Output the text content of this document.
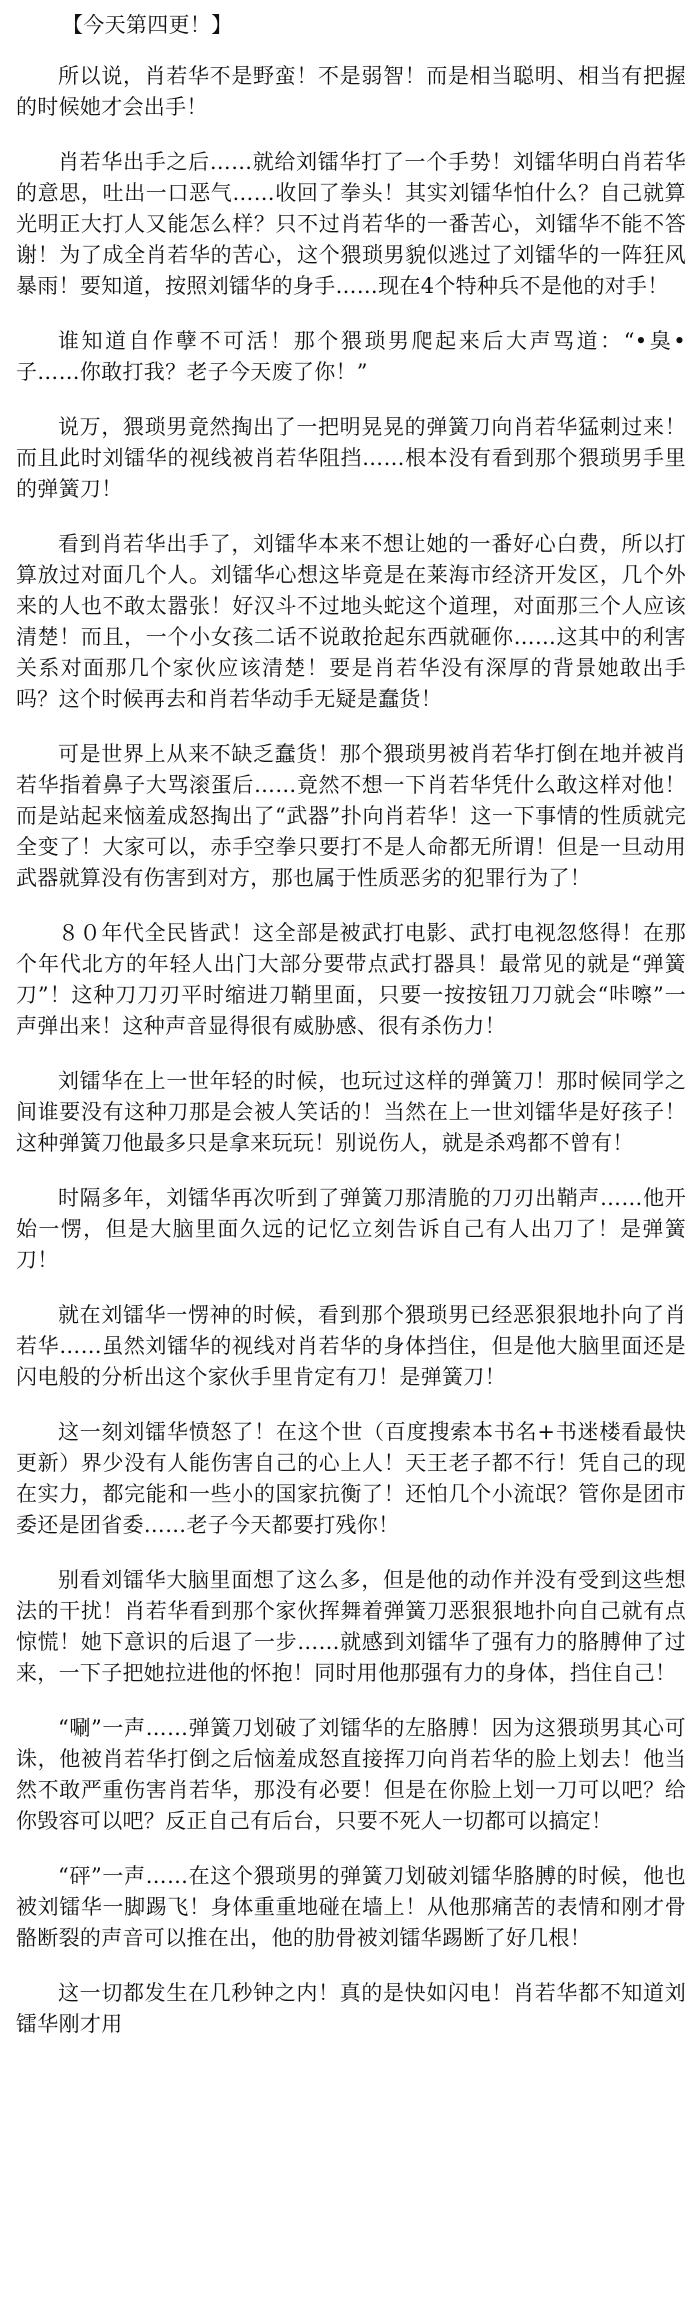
【今天第四更！】
所以说，肖若华不是野蛮！不是弱智！而是相当聪明、相当有把握的时候她才会出手！
肖若华出手之后……就给刘镭华打了一个手势！刘镭华明白肖若华的意思，吐出一口恶气……收回了拳头！其实刘镭华怕什么？自己就算光明正大打人又能怎么样？只不过肖若华的一番苦心，刘镭华不能不答谢！为了成全肖若华的苦心，这个猥琐男貌似逃过了刘镭华的一阵狂风暴雨！要知道，按照刘镭华的身手……现在4个特种兵不是他的对手！
谁知道自作孽不可活！那个猥琐男爬起来后大声骂道：“•臭•子……你敢打我？老子今天废了你！”
说万，猥琐男竟然掏出了一把明晃晃的弹簧刀向肖若华猛刺过来！而且此时刘镭华的视线被肖若华阻挡……根本没有看到那个猥琐男手里的弹簧刀！
看到肖若华出手了，刘镭华本来不想让她的一番好心白费，所以打算放过对面几个人。刘镭华心想这毕竟是在莱海市经济开发区，几个外来的人也不敢太嚣张！好汉斗不过地头蛇这个道理，对面那三个人应该清楚！而且，一个小女孩二话不说敢抢起东西就砸你……这其中的利害关系对面那几个家伙应该清楚！要是肖若华没有深厚的背景她敢出手吗？这个时候再去和肖若华动手无疑是蠢货！
可是世界上从来不缺乏蠢货！那个猥琐男被肖若华打倒在地并被肖若华指着鼻子大骂滚蛋后……竟然不想一下肖若华凭什么敢这样对他！而是站起来恼羞成怒掏出了“武器”扑向肖若华！这一下事情的性质就完全变了！大家可以，赤手空拳只要打不是人命都无所谓！但是一旦动用武器就算没有伤害到对方，那也属于性质恶劣的犯罪行为了！
８０年代全民皆武！这全部是被武打电影、武打电视忽悠得！在那个年代北方的年轻人出门大部分要带点武打器具！最常见的就是“弹簧刀”！这种刀刀刃平时缩进刀鞘里面，只要一按按钮刀刀就会“咔嚓”一声弹出来！这种声音显得很有威胁感、很有杀伤力！
刘镭华在上一世年轻的时候，也玩过这样的弹簧刀！那时候同学之间谁要没有这种刀那是会被人笑话的！当然在上一世刘镭华是好孩子！这种弹簧刀他最多只是拿来玩玩！别说伤人，就是杀鸡都不曾有！
时隔多年，刘镭华再次听到了弹簧刀那清脆的刀刃出鞘声……他开始一愣，但是大脑里面久远的记忆立刻告诉自己有人出刀了！是弹簧刀！
就在刘镭华一愣神的时候，看到那个猥琐男已经恶狠狠地扑向了肖若华……虽然刘镭华的视线对肖若华的身体挡住，但是他大脑里面还是闪电般的分析出这个家伙手里肯定有刀！是弹簧刀！
这一刻刘镭华愤怒了！在这个世（百度搜索本书名+书迷楼看最快更新）界少没有人能伤害自己的心上人！天王老子都不行！凭自己的现在实力，都完能和一些小的国家抗衡了！还怕几个小流氓？管你是团市委还是团省委……老子今天都要打残你！
别看刘镭华大脑里面想了这么多，但是他的动作并没有受到这些想法的干扰！肖若华看到那个家伙挥舞着弹簧刀恶狠狠地扑向自己就有点惊慌！她下意识的后退了一步……就感到刘镭华了强有力的胳膊伸了过来，一下子把她拉进他的怀抱！同时用他那强有力的身体，挡住自己！
“唰”一声……弹簧刀划破了刘镭华的左胳膊！因为这猥琐男其心可诛，他被肖若华打倒之后恼羞成怒直接挥刀向肖若华的脸上划去！他当然不敢严重伤害肖若华，那没有必要！但是在你脸上划一刀可以吧？给你毁容可以吧？反正自己有后台，只要不死人一切都可以搞定！
“砰”一声……在这个猥琐男的弹簧刀划破刘镭华胳膊的时候，他也被刘镭华一脚踢飞！身体重重地碰在墙上！从他那痛苦的表情和刚才骨骼断裂的声音可以推在出，他的肋骨被刘镭华踢断了好几根！
这一切都发生在几秒钟之内！真的是快如闪电！肖若华都不知道刘镭华刚才用
